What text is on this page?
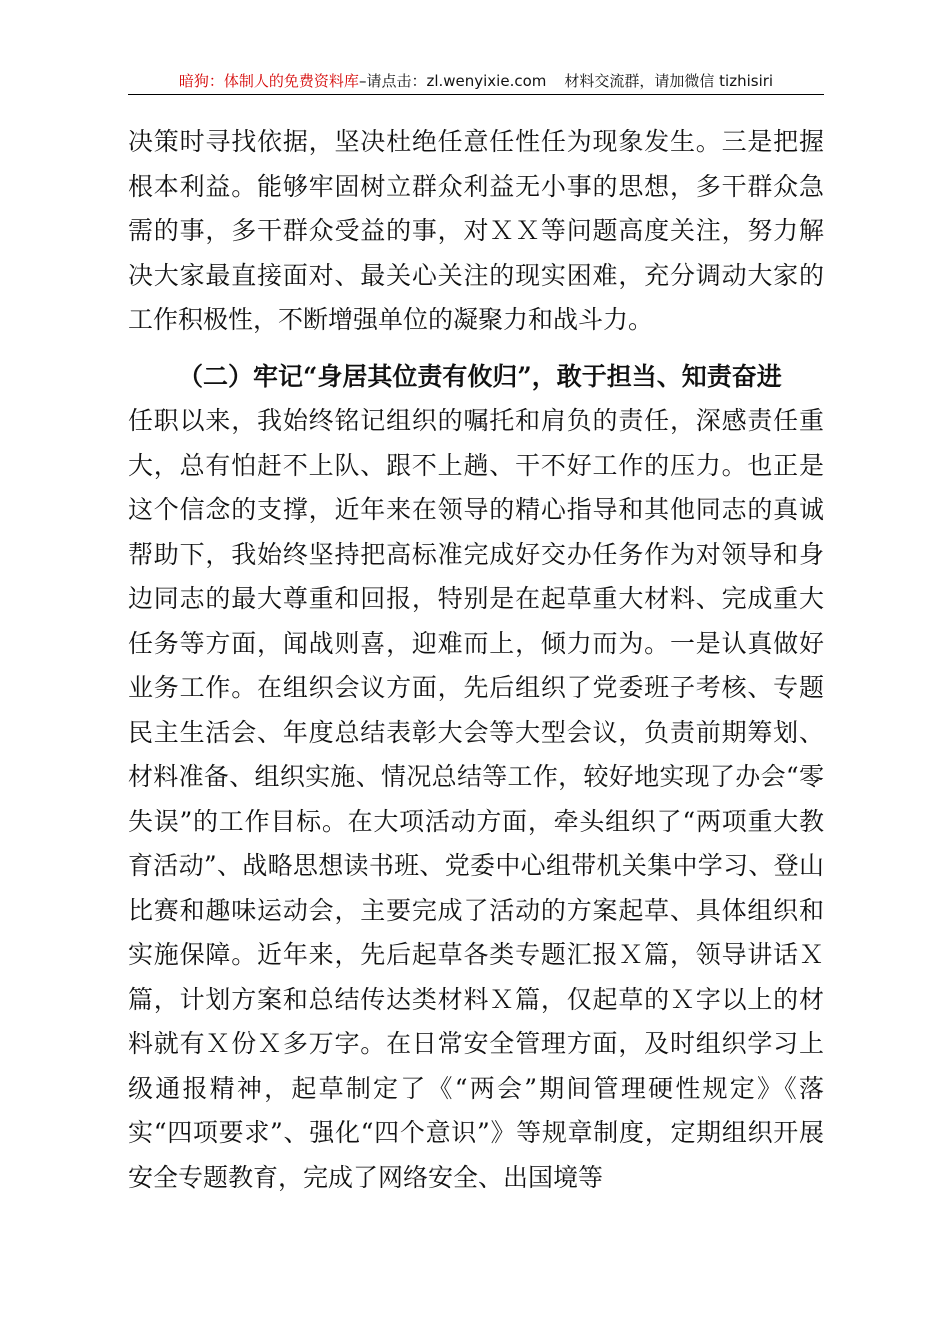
暗狗：体制人的免费资料库–请点击：zl.wenyixie.com 材料交流群，请加微信 tizhisiri

决策时寻找依据，坚决杜绝任意任性任为现象发生。三是把握根本利益。能够牢固树立群众利益无小事的思想，多干群众急需的事，多干群众受益的事，对ＸＸ等问题高度关注，努力解决大家最直接面对、最关心关注的现实困难，充分调动大家的工作积极性，不断增强单位的凝聚力和战斗力。

（二）牢记“身居其位责有攸归”，敢于担当、知责奋进

任职以来，我始终铭记组织的嘱托和肩负的责任，深感责任重大，总有怕赶不上队、跟不上趟、干不好工作的压力。也正是这个信念的支撑，近年来在领导的精心指导和其他同志的真诚帮助下，我始终坚持把高标准完成好交办任务作为对领导和身边同志的最大尊重和回报，特别是在起草重大材料、完成重大任务等方面，闻战则喜，迎难而上，倾力而为。一是认真做好业务工作。在组织会议方面，先后组织了党委班子考核、专题民主生活会、年度总结表彰大会等大型会议，负责前期筹划、材料准备、组织实施、情况总结等工作，较好地实现了办会“零失误”的工作目标。在大项活动方面，牵头组织了“两项重大教育活动”、战略思想读书班、党委中心组带机关集中学习、登山比赛和趣味运动会，主要完成了活动的方案起草、具体组织和实施保障。近年来，先后起草各类专题汇报Ｘ篇，领导讲话Ｘ篇，计划方案和总结传达类材料Ｘ篇，仅起草的Ｘ字以上的材料就有Ｘ份Ｘ多万字。在日常安全管理方面，及时组织学习上级通报精神，起草制定了《“两会”期间管理硬性规定》《落实“四项要求”、强化“四个意识”》等规章制度，定期组织开展安全专题教育，完成了网络安全、出国境等
